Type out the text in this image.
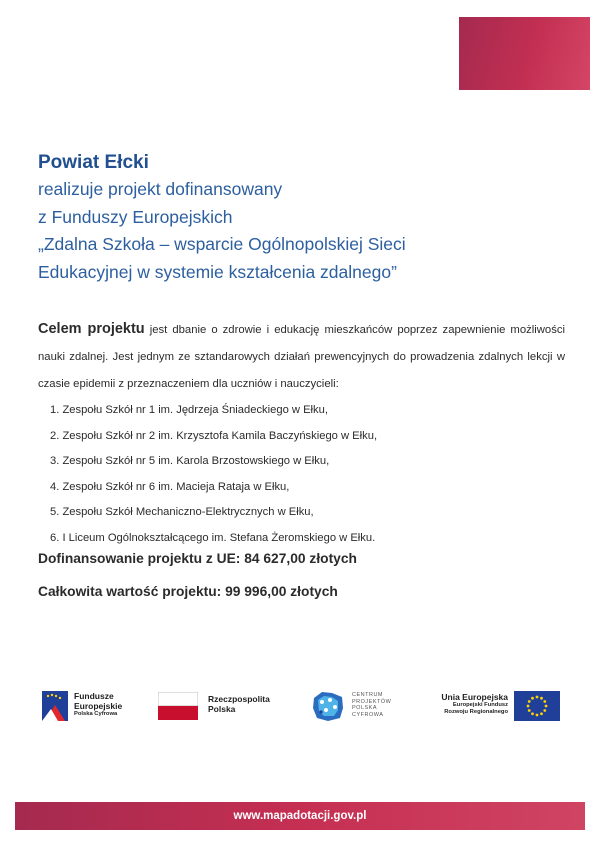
Powiat Ełcki
realizuje projekt dofinansowany
z Funduszy Europejskich
„Zdalna Szkoła – wsparcie Ogólnopolskiej Sieci
Edukacyjnej w systemie kształcenia zdalnego”
Celem projektu jest dbanie o zdrowie i edukację mieszkańców poprzez zapewnienie możliwości nauki zdalnej. Jest jednym ze sztandarowych działań prewencyjnych do prowadzenia zdalnych lekcji w czasie epidemii z przeznaczeniem dla uczniów i nauczycieli:
1. Zespołu Szkół nr 1 im. Jędrzeja Śniadeckiego w Ełku,
2. Zespołu Szkół nr 2 im. Krzysztofa Kamila Baczyńskiego w Ełku,
3. Zespołu Szkół nr 5 im. Karola Brzostowskiego w Ełku,
4. Zespołu Szkół nr 6 im. Macieja Rataja w Ełku,
5. Zespołu Szkół Mechaniczno-Elektrycznych w Ełku,
6. I Liceum Ogólnokształcącego im. Stefana Żeromskiego w Ełku.
Dofinansowanie projektu z UE: 84 627,00 złotych
Całkowita wartość projektu: 99 996,00 złotych
Fundusze
Europejskie
Polska Cyfrowa
Rzeczpospolita
Polska
CENTRUM
PROJEKTÓW
POLSKA
CYFROWA
Unia Europejska
Europejski Fundusz
Rozwoju Regionalnego
www.mapadotacji.gov.pl
